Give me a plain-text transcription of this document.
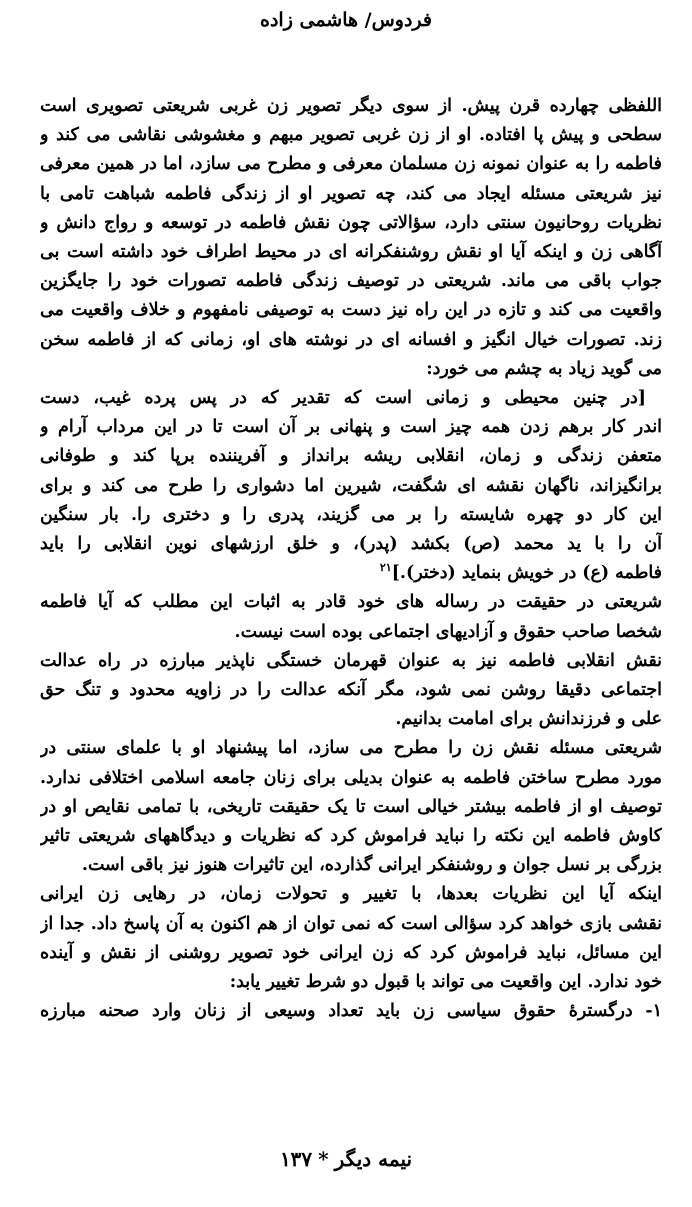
فردوس/ هاشمی زاده
اللفظی چهارده قرن پیش. از سوی دیگر تصویر زن غربی شریعتی تصویری است
سطحی و پیش پا افتاده. او از زن غربی تصویر مبهم و مغشوشی نقاشی می کند و
فاطمه را به عنوان نمونه زن مسلمان معرفی و مطرح می سازد، اما در همین معرفی
نیز شریعتی مسئله ایجاد می کند، چه تصویر او از زندگی فاطمه شباهت تامی با
نظریات روحانیون سنتی دارد، سؤالاتی چون نقش فاطمه در توسعه و رواج دانش و
آگاهی زن و اینکه آیا او نقش روشنفکرانه ای در محیط اطراف خود داشته است بی
جواب باقی می ماند. شریعتی در توصیف زندگی فاطمه تصورات خود را جایگزین
واقعیت می کند و تازه در این راه نیز دست به توصیفی نامفهوم و خلاف واقعیت می
زند. تصورات خیال انگیز و افسانه ای در نوشته های او، زمانی که از فاطمه سخن
می گوید زیاد به چشم می خورد:
[در چنین محیطی و زمانی است که تقدیر که در پس پرده غیب، دست
اندر کار برهم زدن همه چیز است و پنهانی بر آن است تا در این مرداب آرام و
متعفن زندگی و زمان، انقلابی ریشه برانداز و آفریننده برپا کند و طوفانی
برانگیزاند، ناگهان نقشه ای شگفت، شیرین اما دشواری را طرح می کند و برای
این کار دو چهره شایسته را بر می گزیند، پدری را و دختری را. بار سنگین
آن را با ید محمد (ص) بکشد (پدر)، و خلق ارزشهای نوین انقلابی را باید
فاطمه (ع) در خویش بنماید (دختر).]$^{۲۱}$
شریعتی در حقیقت در رساله های خود قادر به اثبات این مطلب که آیا فاطمه
شخصا صاحب حقوق و آزادیهای اجتماعی بوده است نیست.
نقش انقلابی فاطمه نیز به عنوان قهرمان خستگی ناپذیر مبارزه در راه عدالت
اجتماعی دقیقا روشن نمی شود، مگر آنکه عدالت را در زاویه محدود و تنگ حق
علی و فرزندانش برای امامت بدانیم.
شریعتی مسئله نقش زن را مطرح می سازد، اما پیشنهاد او با علمای سنتی در
مورد مطرح ساختن فاطمه به عنوان بدیلی برای زنان جامعه اسلامی اختلافی ندارد.
توصیف او از فاطمه بیشتر خیالی است تا یک حقیقت تاریخی، با تمامی نقایص او در
کاوش فاطمه این نکته را نباید فراموش کرد که نظریات و دیدگاههای شریعتی تاثیر
بزرگی بر نسل جوان و روشنفکر ایرانی گذارده، این تاثیرات هنوز نیز باقی است.
اینکه آیا این نظریات بعدها، با تغییر و تحولات زمان، در رهایی زن ایرانی
نقشی بازی خواهد کرد سؤالی است که نمی توان از هم اکنون به آن پاسخ داد. جدا از
این مسائل، نباید فراموش کرد که زن ایرانی خود تصویر روشنی از نقش و آینده
خود ندارد. این واقعیت می تواند با قبول دو شرط تغییر یابد:
۱- درگسترهٔ حقوق سیاسی زن باید تعداد وسیعی از زنان وارد صحنه مبارزه
نیمه دیگر*۱۳۷
